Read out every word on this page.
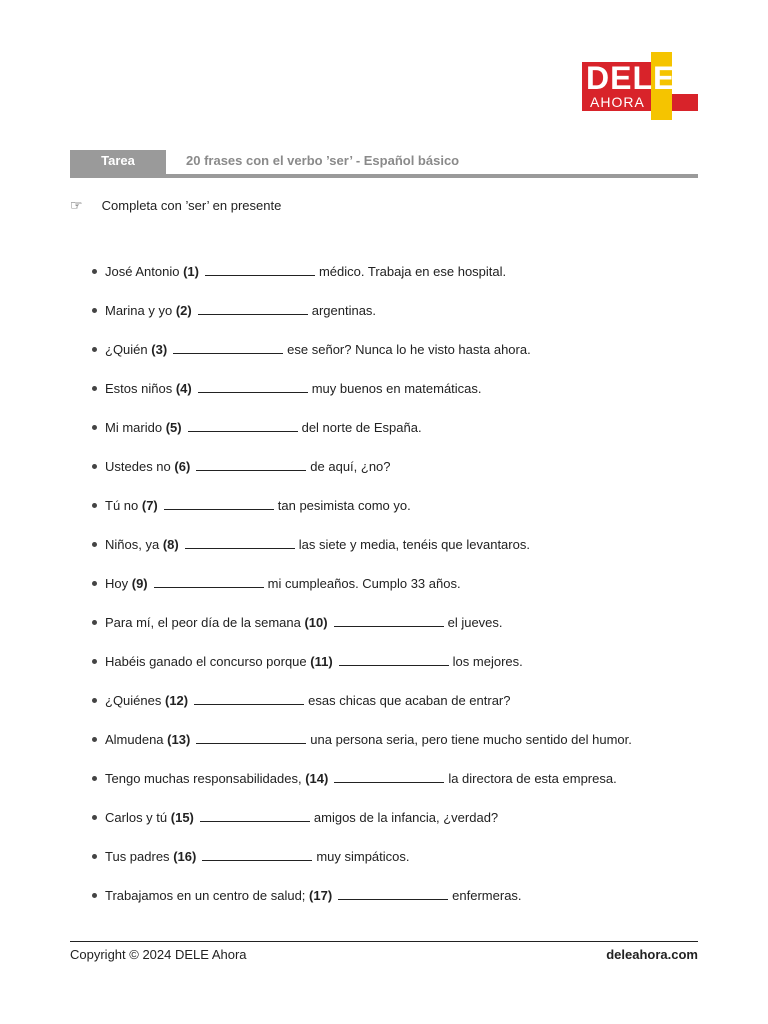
DELE
AHORA
Tarea	20 frases con el verbo ’ser’ - Español básico
☞ Completa con ’ser’ en presente
José Antonio (1)	médico. Trabaja en ese hospital.
Marina y yo (2)	argentinas.
¿Quién (3)	ese señor? Nunca lo he visto hasta ahora.
Estos niños (4)	muy buenos en matemáticas.
Mi marido (5)	del norte de España.
Ustedes no (6)	de aquí, ¿no?
Tú no (7)	tan pesimista como yo.
Niños, ya (8)	las siete y media, tenéis que levantaros.
Hoy (9)	mi cumpleaños. Cumplo 33 años.
Para mí, el peor día de la semana (10)	el jueves.
Habéis ganado el concurso porque (11)	los mejores.
¿Quiénes (12)	esas chicas que acaban de entrar?
Almudena (13)	una persona seria, pero tiene mucho sentido del humor.
Tengo muchas responsabilidades, (14)	la directora de esta empresa.
Carlos y tú (15)	amigos de la infancia, ¿verdad?
Tus padres (16)	muy simpáticos.
Trabajamos en un centro de salud; (17)	enfermeras.
Copyright © 2024 DELE Ahora	deleahora.com
